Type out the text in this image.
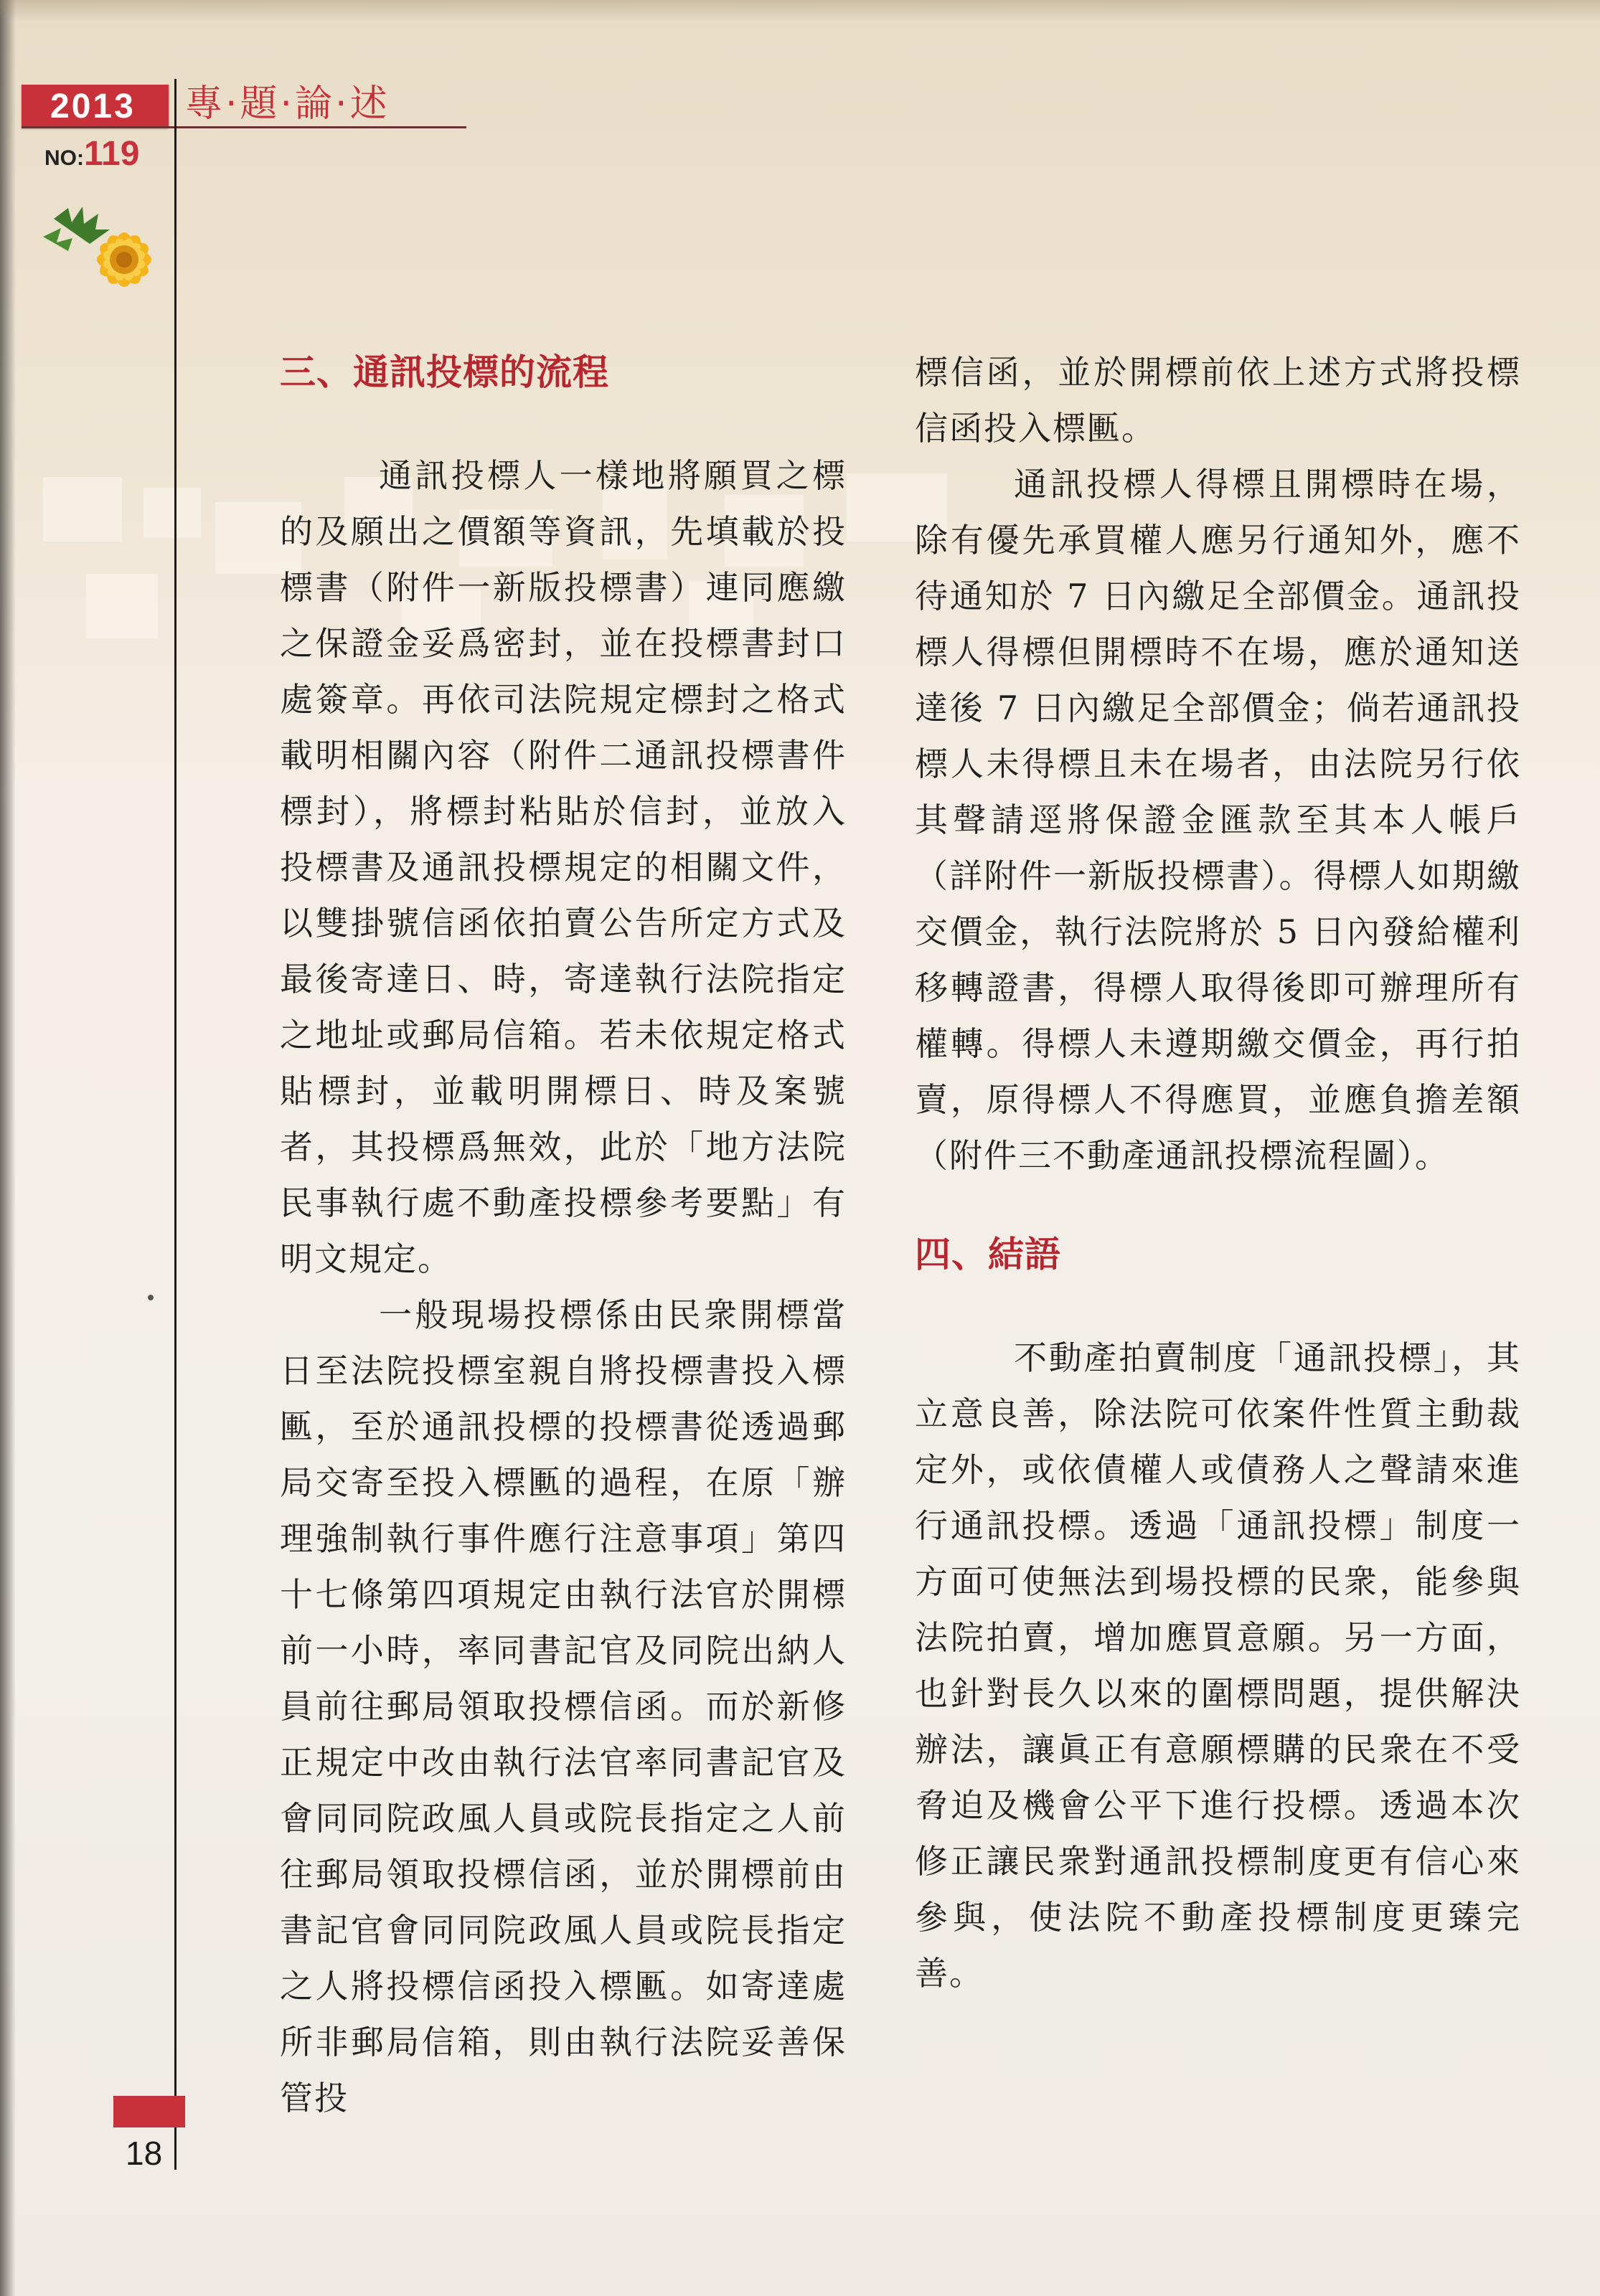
2013 專·題·論·述
NO:119
三、通訊投標的流程

通訊投標人一樣地將願買之標的及願出之價額等資訊，先填載於投標書（附件一新版投標書）連同應繳之保證金妥爲密封，並在投標書封口處簽章。再依司法院規定標封之格式載明相關內容（附件二通訊投標書件標封），將標封粘貼於信封，並放入投標書及通訊投標規定的相關文件，以雙掛號信函依拍賣公告所定方式及最後寄達日、時，寄達執行法院指定之地址或郵局信箱。若未依規定格式貼標封，並載明開標日、時及案號者，其投標爲無效，此於「地方法院民事執行處不動產投標參考要點」有明文規定。

一般現場投標係由民衆開標當日至法院投標室親自將投標書投入標匭，至於通訊投標的投標書從透過郵局交寄至投入標匭的過程，在原「辦理強制執行事件應行注意事項」第四十七條第四項規定由執行法官於開標前一小時，率同書記官及同院出納人員前往郵局領取投標信函。而於新修正規定中改由執行法官率同書記官及會同同院政風人員或院長指定之人前往郵局領取投標信函，並於開標前由書記官會同同院政風人員或院長指定之人將投標信函投入標匭。如寄達處所非郵局信箱，則由執行法院妥善保管投

標信函，並於開標前依上述方式將投標信函投入標匭。

通訊投標人得標且開標時在場，除有優先承買權人應另行通知外，應不待通知於 7 日內繳足全部價金。通訊投標人得標但開標時不在場，應於通知送達後 7 日內繳足全部價金；倘若通訊投標人未得標且未在場者，由法院另行依其聲請逕將保證金匯款至其本人帳戶（詳附件一新版投標書）。得標人如期繳交價金，執行法院將於 5 日內發給權利移轉證書，得標人取得後即可辦理所有權轉。得標人未遵期繳交價金，再行拍賣，原得標人不得應買，並應負擔差額（附件三不動產通訊投標流程圖）。

四、結語

不動產拍賣制度「通訊投標」，其立意良善，除法院可依案件性質主動裁定外，或依債權人或債務人之聲請來進行通訊投標。透過「通訊投標」制度一方面可使無法到場投標的民衆，能參與法院拍賣，增加應買意願。另一方面，也針對長久以來的圍標問題，提供解決辦法，讓眞正有意願標購的民衆在不受脅迫及機會公平下進行投標。透過本次修正讓民衆對通訊投標制度更有信心來參與，使法院不動產投標制度更臻完善。

18
